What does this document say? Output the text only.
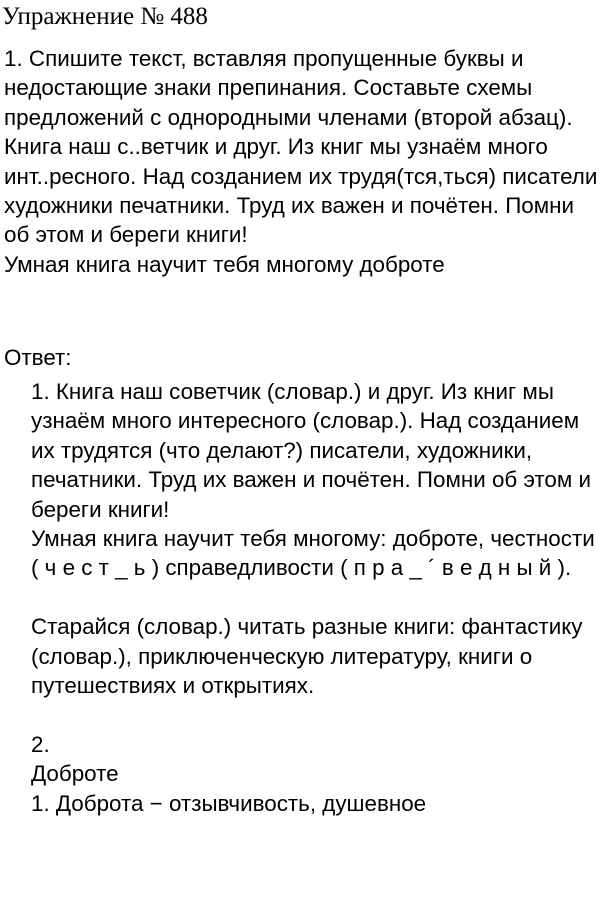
Упражнение № 488

1. Спишите текст, вставляя пропущенные буквы и недостающие знаки препинания. Составьте схемы предложений с однородными членами (второй абзац).

Книга наш с..ветчик и друг. Из книг мы узнаём много инт..ресного. Над созданием их трудя(тся,ться) писатели художники печатники. Труд их важен и почётен. Помни об этом и береги книги!

Умная книга научит тебя многому доброте

Ответ:

1. Книга наш советчик (словар.) и друг. Из книг мы узнаём много интересного (словар.). Над созданием их трудятся (что делают?) писатели, художники, печатники. Труд их важен и почётен. Помни об этом и береги книги!

Умная книга научит тебя многому: доброте, честности ( ч е с т _ ь ) справедливости ( п р а _ ´ в е д н ы й ).

Старайся (словар.) читать разные книги: фантастику (словар.), приключенческую литературу, книги о путешествиях и открытиях.

2.

Доброте

1. Доброта − отзывчивость, душевное
